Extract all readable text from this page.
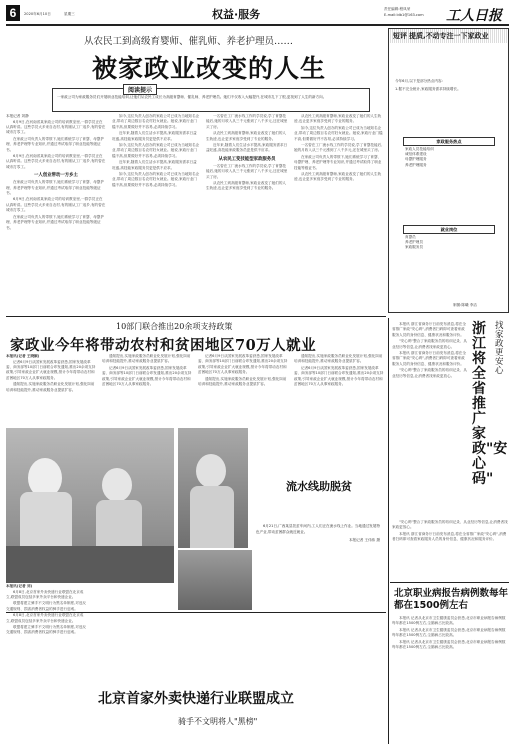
6	2020年6月10日	星期三	权益·服务	责任编辑:程凤荣
E-mail:ldb1@163.com 工人日报
从农民工到高级育婴师、催乳师、养老护理员……
被家政业改变的人生
阅读提示
一家政公司为家政服务员们开展职业技能培训,让他们从农民工成长为高级育婴师、催乳师、养老护理员。她们不仅收入大幅提升,在城市扎下了根,更找到了人生的新方向。
本报记者 刘静

6月9日,在河南省某家政公司的培训教室里,一群学员正在认真听讲。这些学员大多来自农村,有的刚从工厂返乡,有的曾在城市打零工。

在家政公司负责人的带领下,她们系统学习了育婴、母婴护理、养老护理等专业知识,并通过考试取得了职业技能等级证书。

6月9日,在河南省某家政公司的培训教室里,一群学员正在认真听讲。这些学员大多来自农村,有的刚从工厂返乡,有的曾在城市打零工。

一人创业带动一方乡土

在家政公司负责人的带领下,她们系统学习了育婴、母婴护理、养老护理等专业知识,并通过考试取得了职业技能等级证书。

6月9日,在河南省某家政公司的培训教室里,一群学员正在认真听讲。这些学员大多来自农村,有的刚从工厂返乡,有的曾在城市打零工。

在家政公司负责人的带领下,她们系统学习了育婴、母婴护理、养老护理等专业知识,并通过考试取得了职业技能等级证书。

如今,这位负责人创办的家政公司已成为当地知名企业,带动了周边数百名农村妇女就业。她说,家政行业门槛不高,但要做好并不容易,必须持续学习。

近年来,随着人们生活水平提高,家政服务需求日益旺盛,高技能家政服务员更是供不应求。

如今,这位负责人创办的家政公司已成为当地知名企业,带动了周边数百名农村妇女就业。她说,家政行业门槛不高,但要做好并不容易,必须持续学习。

近年来,随着人们生活水平提高,家政服务需求日益旺盛,高技能家政服务员更是供不应求。

如今,这位负责人创办的家政公司已成为当地知名企业,带动了周边数百名农村妇女就业。她说,家政行业门槛不高,但要做好并不容易,必须持续学习。

一名曾在工厂流水线工作的学员说,学了育婴技能后,她的月收入从三千元涨到了八千多元,还在城里买了房。

从农民工到高级育婴师,家政业改变了她们的人生轨迹,也让更多家庭享受到了专业的服务。

近年来,随着人们生活水平提高,家政服务需求日益旺盛,高技能家政服务员更是供不应求。

从农民工变技能型家政服务员

一名曾在工厂流水线工作的学员说,学了育婴技能后,她的月收入从三千元涨到了八千多元,还在城里买了房。

从农民工到高级育婴师,家政业改变了她们的人生轨迹,也让更多家庭享受到了专业的服务。

从农民工到高级育婴师,家政业改变了她们的人生轨迹,也让更多家庭享受到了专业的服务。

如今,这位负责人创办的家政公司已成为当地知名企业,带动了周边数百名农村妇女就业。她说,家政行业门槛不高,但要做好并不容易,必须持续学习。

一名曾在工厂流水线工作的学员说,学了育婴技能后,她的月收入从三千元涨到了八千多元,还在城里买了房。

在家政公司负责人的带领下,她们系统学习了育婴、母婴护理、养老护理等专业知识,并通过考试取得了职业技能等级证书。

从农民工到高级育婴师,家政业改变了她们的人生轨迹,也让更多家庭享受到了专业的服务。

短评 提质,不动专注一下家政业
今年6月,以下是部分热点内容:
1.据不完全统计,家政服务需求持续增长。
家政服务热点
家政人员技能培训
诚信体系建设
母婴护理服务
养老护理服务
就业岗位
育婴员
养老护理员
家政服务员
制图:陈曦 李洁
10部门联合推出20余项支持政策
家政业今年将带动农村和贫困地区70万人就业
本报讯(记者 王晓颖)

记者6月9日从国家发展改革委获悉,国家发展改革委、商务部等10部门日前联合印发通知,推出20余项支持政策,引导家政企业扩大就业规模,预计今年将带动农村和贫困地区70万人从事家政服务。

通知提出,实施家政服务员职业化发展计划,强化岗前培训和技能提升,推动家政服务业提质扩容。

通知提出,实施家政服务员职业化发展计划,强化岗前培训和技能提升,推动家政服务业提质扩容。

记者6月9日从国家发展改革委获悉,国家发展改革委、商务部等10部门日前联合印发通知,推出20余项支持政策,引导家政企业扩大就业规模,预计今年将带动农村和贫困地区70万人从事家政服务。

记者6月9日从国家发展改革委获悉,国家发展改革委、商务部等10部门日前联合印发通知,推出20余项支持政策,引导家政企业扩大就业规模,预计今年将带动农村和贫困地区70万人从事家政服务。

通知提出,实施家政服务员职业化发展计划,强化岗前培训和技能提升,推动家政服务业提质扩容。

通知提出,实施家政服务员职业化发展计划,强化岗前培训和技能提升,推动家政服务业提质扩容。

记者6月9日从国家发展改革委获悉,国家发展改革委、商务部等10部门日前联合印发通知,推出20余项支持政策,引导家政企业扩大就业规模,预计今年将带动农村和贫困地区70万人从事家政服务。

流水线助脱贫
6月21日,广西某县扶贫车间内,工人们正在流水线上作业。当地通过发展特色产业,带动贫困群众就近就业。
本报记者 王伟伟 摄
本报讯(记者 刘)

6月8日,北京首家外卖快递行业联盟在北京成立,联盟成员包括多家外卖平台和快递企业。

联盟将建立骑手不文明行为黑名单制度,对违反交通规则、损害消费者权益的骑手进行惩戒。

6月8日,北京首家外卖快递行业联盟在北京成立,联盟成员包括多家外卖平台和快递企业。

联盟将建立骑手不文明行为黑名单制度,对违反交通规则、损害消费者权益的骑手进行惩戒。

北京首家外卖快递行业联盟成立
骑手不文明将人"黑榜"
找家政更安心
浙江将全省推广家政"安心码"

本报讯 浙江省商务厅日前发布消息,将在全省推广家政"安心码",消费者扫码即可查看家政服务人员的身份信息、健康状况和服务评价。

"安心码"整合了家政服务员的培训记录、从业经历等信息,让消费者找家政更放心。

本报讯 浙江省商务厅日前发布消息,将在全省推广家政"安心码",消费者扫码即可查看家政服务人员的身份信息、健康状况和服务评价。

"安心码"整合了家政服务员的培训记录、从业经历等信息,让消费者找家政更放心。

"安心码"整合了家政服务员的培训记录、从业经历等信息,让消费者找家政更放心。

本报讯 浙江省商务厅日前发布消息,将在全省推广家政"安心码",消费者扫码即可查看家政服务人员的身份信息、健康状况和服务评价。

北京职业病报告病例数每年都在1500例左右

本报讯 记者从北京市卫生健康委员会获悉,北京市职业病报告病例数每年都在1500例左右,尘肺病占比较高。

本报讯 记者从北京市卫生健康委员会获悉,北京市职业病报告病例数每年都在1500例左右,尘肺病占比较高。

本报讯 记者从北京市卫生健康委员会获悉,北京市职业病报告病例数每年都在1500例左右,尘肺病占比较高。
